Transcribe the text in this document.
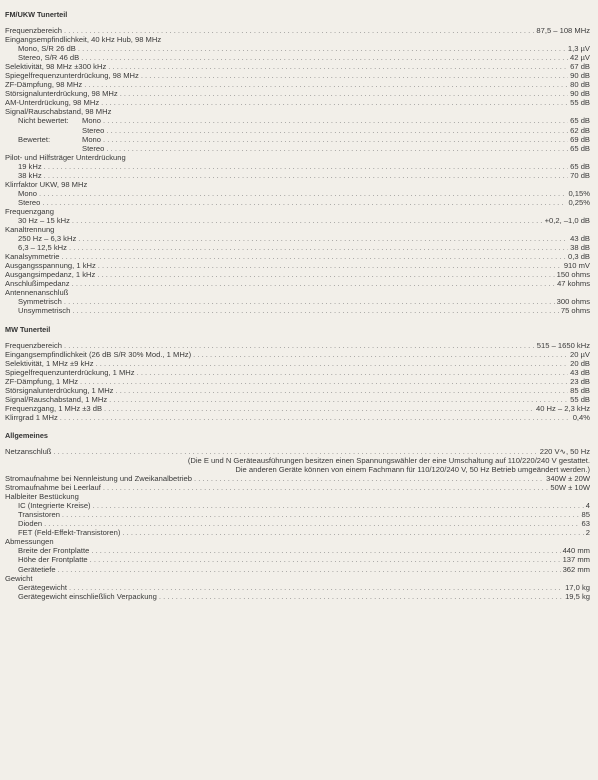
FM/UKW Tunerteil
Frequenzbereich . . .	87,5 – 108 MHz
Eingangsempfindlichkeit, 40 kHz Hub, 98 MHz
Mono, S/R 26 dB . . .	1,3 µV
Stereo, S/R 46 dB . . .	42 µV
Selektivität, 98 MHz ±300 kHz . . .	67 dB
Spiegelfrequenzunterdrückung, 98 MHz . . .	90 dB
ZF-Dämpfung, 98 MHz . . .	80 dB
Störsignalunterdrückung, 98 MHz . . .	90 dB
AM-Unterdrückung, 98 MHz . . .	55 dB
Signal/Rauschabstand, 98 MHz
Nicht bewertet:	Mono . . .	65 dB
Stereo . . .	62 dB
Bewertet:	Mono . . .	69 dB
Stereo . . .	65 dB
Pilot- und Hilfsträger Unterdrückung
19 kHz . . .	65 dB
38 kHz . . .	70 dB
Klirrfaktor UKW, 98 MHz
Mono . . .	0,15%
Stereo . . .	0,25%
Frequenzgang
30 Hz – 15 kHz . . .	+0,2, –1,0 dB
Kanaltrennung
250 Hz – 6,3 kHz . . .	43 dB
6,3 – 12,5 kHz . . .	38 dB
Kanalsymmetrie . . .	0,3 dB
Ausgangsspannung, 1 kHz . . .	910 mV
Ausgangsimpedanz, 1 kHz . . .	150 ohms
Anschlußimpedanz . . .	47 kohms
Antennenanschluß
Symmetrisch . . .	300 ohms
Unsymmetrisch . . .	75 ohms
MW Tunerteil
Frequenzbereich . . .	515 – 1650 kHz
Eingangsempfindlichkeit (26 dB S/R 30% Mod., 1 MHz) . . .	20 µV
Selektivität, 1 MHz ±9 kHz . . .	20 dB
Spiegelfrequenzunterdrückung, 1 MHz . . .	43 dB
ZF-Dämpfung, 1 MHz . . .	23 dB
Störsignalunterdrückung, 1 MHz . . .	85 dB
Signal/Rauschabstand, 1 MHz . . .	55 dB
Frequenzgang, 1 MHz ±3 dB . . .	40 Hz – 2,3 kHz
Klirrgrad 1 MHz . . .	0,4%
Allgemeines
Netzanschluß . . .	220 V∿, 50 Hz
(Die E und N Geräteausführungen besitzen einen Spannungswähler der eine Umschaltung auf 110/220/240 V gestattet.
Die anderen Geräte können von einem Fachmann für 110/120/240 V, 50 Hz Betrieb umgeändert werden.)
Stromaufnahme bei Nennleistung und Zweikanalbetrieb . . .	340W ± 20W
Stromaufnahme bei Leerlauf . . .	50W ± 10W
Halbleiter Bestückung
IC (Integrierte Kreise) . . .	4
Transistoren . . .	85
Dioden . . .	63
FET (Feld-Effekt-Transistoren) . . .	2
Abmessungen
Breite der Frontplatte . . .	440 mm
Höhe der Frontplatte . . .	137 mm
Gerätetiefe . . .	362 mm
Gewicht
Gerätegewicht . . .	17,0 kg
Gerätegewicht einschließlich Verpackung . . .	19,5 kg
